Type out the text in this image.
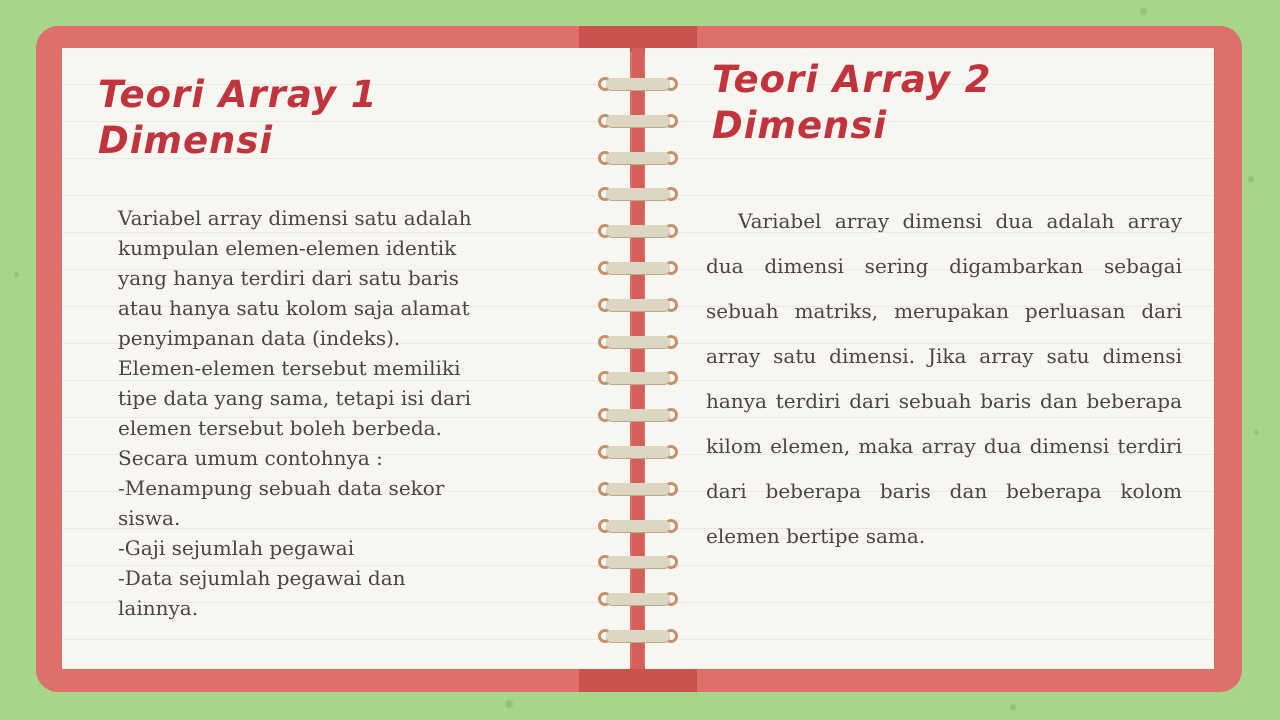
Teori Array 1
Dimensi
Variabel array dimensi satu adalah
kumpulan elemen-elemen identik
yang hanya terdiri dari satu baris
atau hanya satu kolom saja alamat
penyimpanan data (indeks).
Elemen-elemen tersebut memiliki
tipe data yang sama, tetapi isi dari
elemen tersebut boleh berbeda.
Secara umum contohnya :
-Menampung sebuah data sekor
siswa.
-Gaji sejumlah pegawai
-Data sejumlah pegawai dan
lainnya.
Teori Array 2
Dimensi

Variabel array dimensi dua adalah array dua dimensi sering digambarkan sebagai sebuah matriks, merupakan perluasan dari array satu dimensi. Jika array satu dimensi hanya terdiri dari sebuah baris dan beberapa kilom elemen, maka array dua dimensi terdiri dari beberapa baris dan beberapa kolom elemen bertipe sama.
